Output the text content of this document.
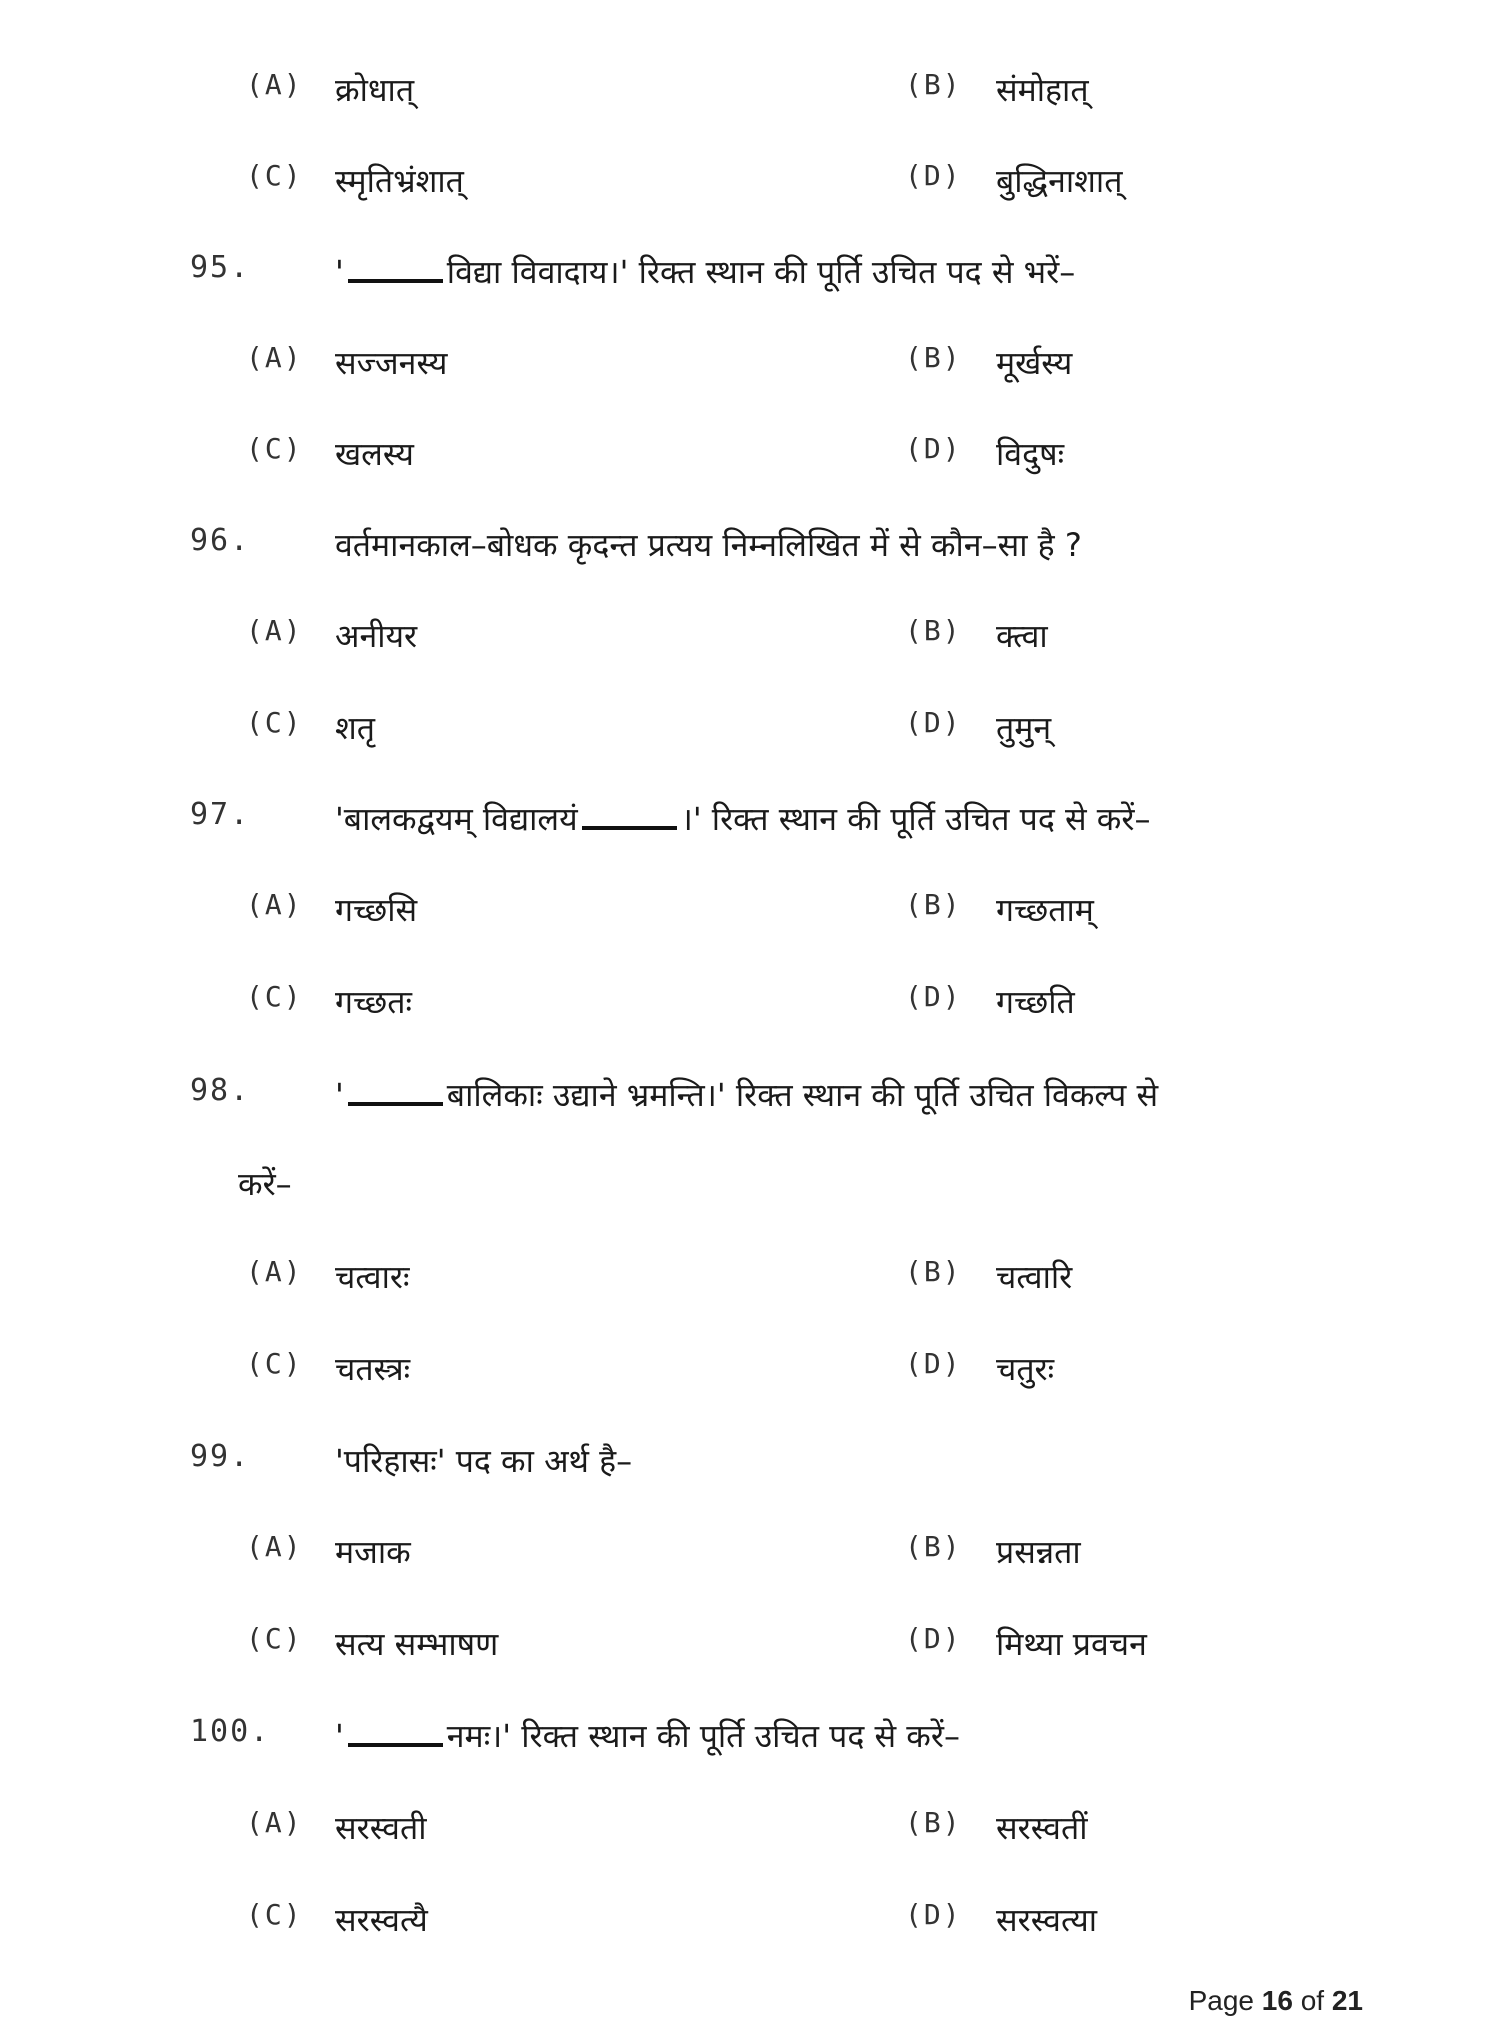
(A) क्रोधात्	(B) संमोहात्
(C) स्मृतिभ्रंशात्	(D) बुद्धिनाशात्
95.	'	विद्या विवादाय।' रिक्त स्थान की पूर्ति उचित पद से भरें–
(A) सज्जनस्य	(B) मूर्खस्य
(C) खलस्य	(D) विदुषः
96.	वर्तमानकाल–बोधक कृदन्त प्रत्यय निम्नलिखित में से कौन–सा है ?
(A) अनीयर	(B) क्त्वा
(C) शतृ	(D) तुमुन्
97.	'बालकद्वयम् विद्यालयं	।' रिक्त स्थान की पूर्ति उचित पद से करें–
(A) गच्छसि	(B) गच्छताम्
(C) गच्छतः	(D) गच्छति
98.	'	बालिकाः उद्याने भ्रमन्ति।' रिक्त स्थान की पूर्ति उचित विकल्प से
करें–
(A) चत्वारः	(B) चत्वारि
(C) चतस्त्रः	(D) चतुरः
99.	'परिहासः' पद का अर्थ है–
(A) मजाक	(B) प्रसन्नता
(C) सत्य सम्भाषण	(D) मिथ्या प्रवचन
100. '	नमः।' रिक्त स्थान की पूर्ति उचित पद से करें–
(A) सरस्वती	(B) सरस्वतीं
(C) सरस्वत्यै	(D) सरस्वत्या
Page 16 of 21
